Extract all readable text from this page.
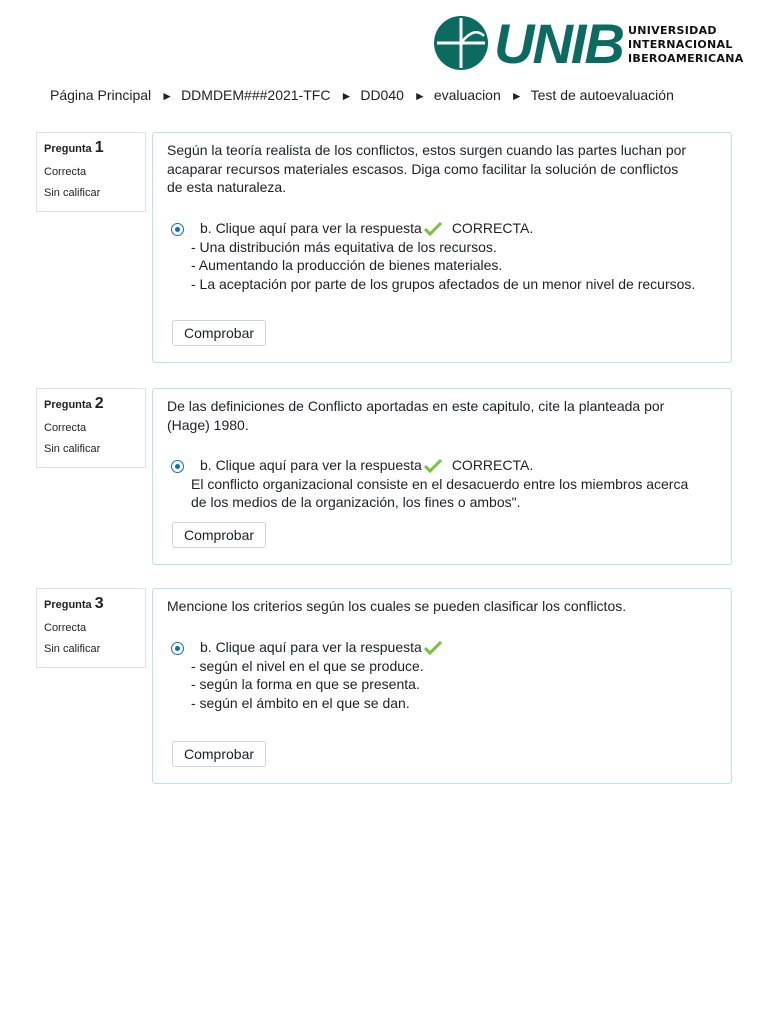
UNIB UNIVERSIDAD
INTERNACIONAL
IBEROAMERICANA
Página Principal ► DDMDEM###2021-TFC ► DD040 ► evaluacion ► Test de autoevaluación
Pregunta 1
Correcta
Sin calificar
Según la teoría realista de los conflictos, estos surgen cuando las partes luchan por acaparar recursos materiales escasos. Diga como facilitar la solución de conflictos de esta naturaleza.
b. Clique aquí para ver la respuesta CORRECTA.
- Una distribución más equitativa de los recursos.
- Aumentando la producción de bienes materiales.
- La aceptación por parte de los grupos afectados de un menor nivel de recursos.
Comprobar
Pregunta 2
Correcta
Sin calificar
De las definiciones de Conflicto aportadas en este capitulo, cite la planteada por (Hage) 1980.
b. Clique aquí para ver la respuesta CORRECTA.
El conflicto organizacional consiste en el desacuerdo entre los miembros acerca de los medios de la organización, los fines o ambos".
Comprobar
Pregunta 3
Correcta
Sin calificar
Mencione los criterios según los cuales se pueden clasificar los conflictos.
b. Clique aquí para ver la respuesta
- según el nivel en el que se produce.
- según la forma en que se presenta.
- según el ámbito en el que se dan.
Comprobar
